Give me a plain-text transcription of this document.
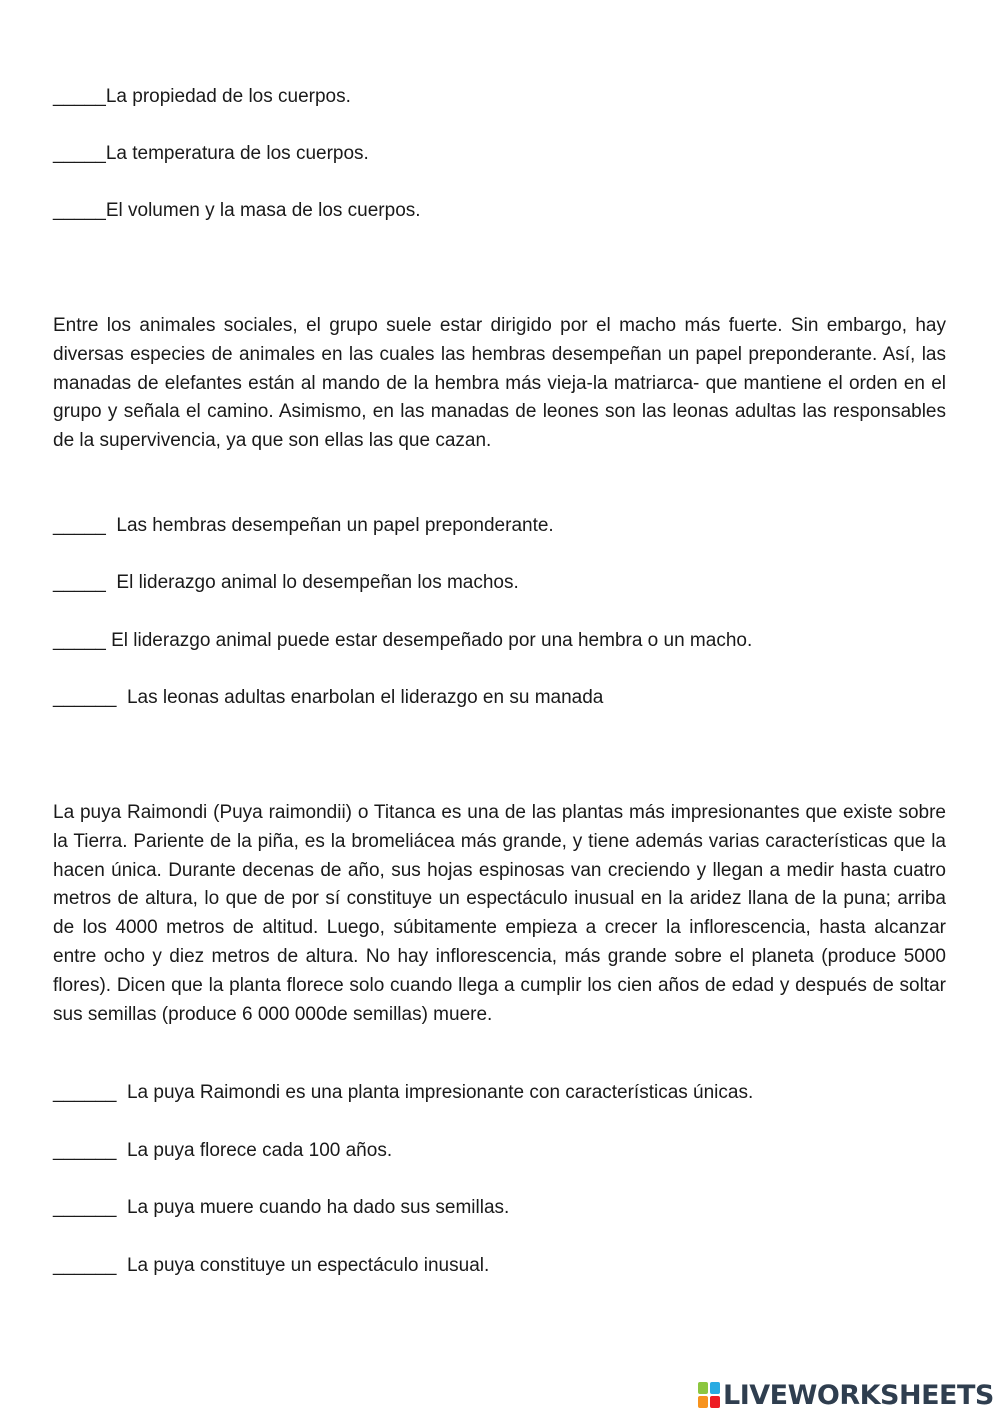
_____La propiedad de los cuerpos.
_____La temperatura de los cuerpos.
_____El volumen y la masa de los cuerpos.
Entre los animales sociales, el grupo suele estar dirigido por el macho más fuerte. Sin embargo, hay diversas especies de animales en las cuales las hembras desempeñan un papel preponderante. Así, las manadas de elefantes están al mando de la hembra más vieja-la matriarca- que mantiene el orden en el grupo y señala el camino. Asimismo, en las manadas de leones son las leonas adultas las responsables de la supervivencia, ya que son ellas las que cazan.
_____  Las hembras desempeñan un papel preponderante.
_____  El liderazgo animal lo desempeñan los machos.
_____ El liderazgo animal puede estar desempeñado por una hembra o un macho.
______  Las leonas adultas enarbolan el liderazgo en su manada
La puya Raimondi (Puya raimondii) o Titanca es una de las plantas más impresionantes que existe sobre la Tierra. Pariente de la piña, es la bromeliácea más grande, y tiene además varias características que la hacen única. Durante decenas de año, sus hojas espinosas van creciendo y llegan a medir hasta cuatro metros de altura, lo que de por sí constituye un espectáculo inusual en la aridez llana de la puna; arriba de los 4000 metros de altitud. Luego, súbitamente empieza a crecer la inflorescencia, hasta alcanzar entre ocho y diez metros de altura. No hay inflorescencia, más grande sobre el planeta (produce 5000 flores). Dicen que la planta florece solo cuando llega a cumplir los cien años de edad y después de soltar sus semillas (produce 6 000 000de semillas) muere.
______  La puya Raimondi es una planta impresionante con características únicas.
______  La puya florece cada 100 años.
______  La puya muere cuando ha dado sus semillas.
______  La puya constituye un espectáculo inusual.
LIVEWORKSHEETS
